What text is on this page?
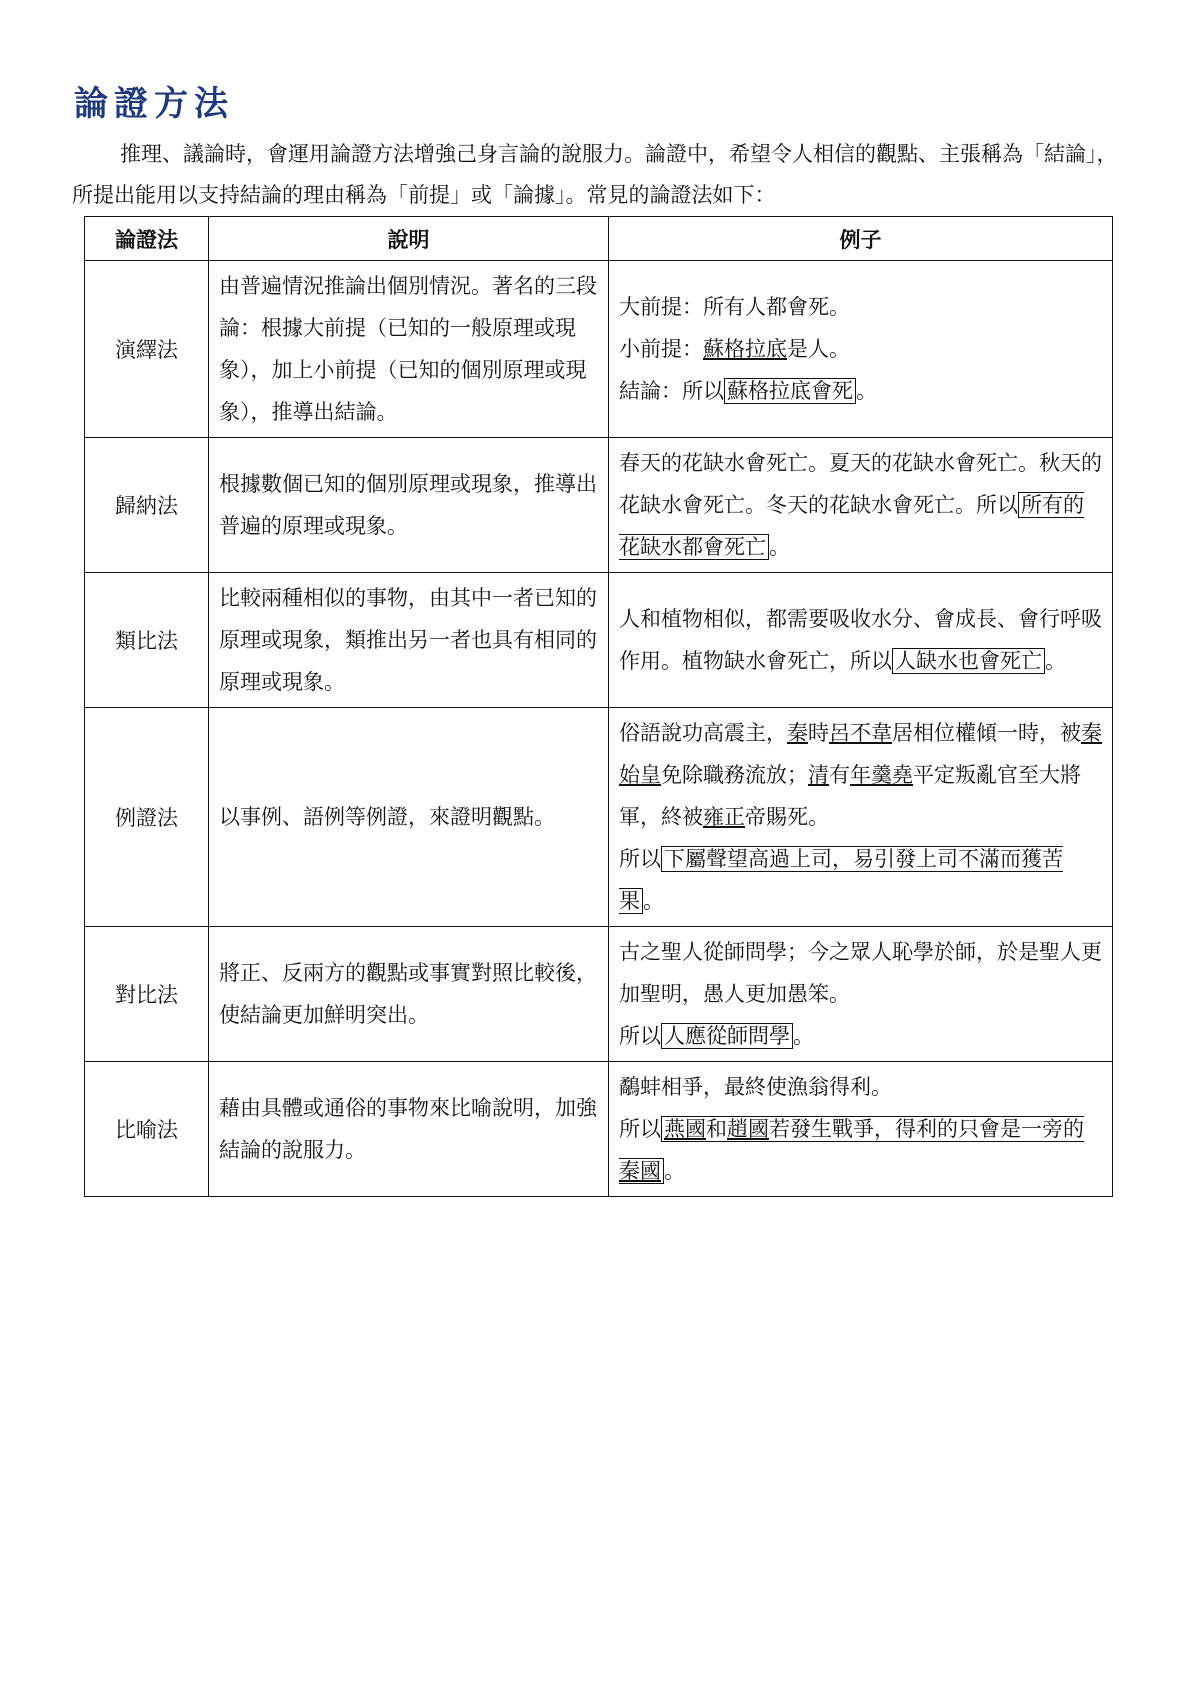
論證方法

推理、議論時，會運用論證方法增強己身言論的說服力。論證中，希望令人相信的觀點、主張稱為「結論」，所提出能用以支持結論的理由稱為「前提」或「論據」。常見的論證法如下：

論證法	說明	例子
演繹法	由普遍情況推論出個別情況。著名的三段論：根據大前提（已知的一般原理或現象），加上小前提（已知的個別原理或現象），推導出結論。	大前提：所有人都會死。
小前提：蘇格拉底是人。
結論：所以 蘇格拉底會死 。

歸納法	根據數個已知的個別原理或現象，推導出普遍的原理或現象。	春天的花缺水會死亡。夏天的花缺水會死亡。秋天的花缺水會死亡。冬天的花缺水會死亡。所以 所有的花缺水都會死亡 。

類比法	比較兩種相似的事物，由其中一者已知的原理或現象，類推出另一者也具有相同的原理或現象。	人和植物相似，都需要吸收水分、會成長、會行呼吸作用。植物缺水會死亡，所以 人缺水也會死亡 。

例證法	以事例、語例等例證，來證明觀點。	俗語說功高震主，秦時呂不韋居相位權傾一時，被秦始皇免除職務流放；清有年羹堯平定叛亂官至大將軍，終被雍正帝賜死。
所以 下屬聲望高過上司，易引發上司不滿而獲苦果 。

對比法	將正、反兩方的觀點或事實對照比較後，使結論更加鮮明突出。	古之聖人從師問學；今之眾人恥學於師，於是聖人更加聖明，愚人更加愚笨。
所以 人應從師問學 。

比喻法	藉由具體或通俗的事物來比喻說明，加強結論的說服力。	鷸蚌相爭，最終使漁翁得利。
所以 燕國和趙國若發生戰爭，得利的只會是一旁的秦國 。
